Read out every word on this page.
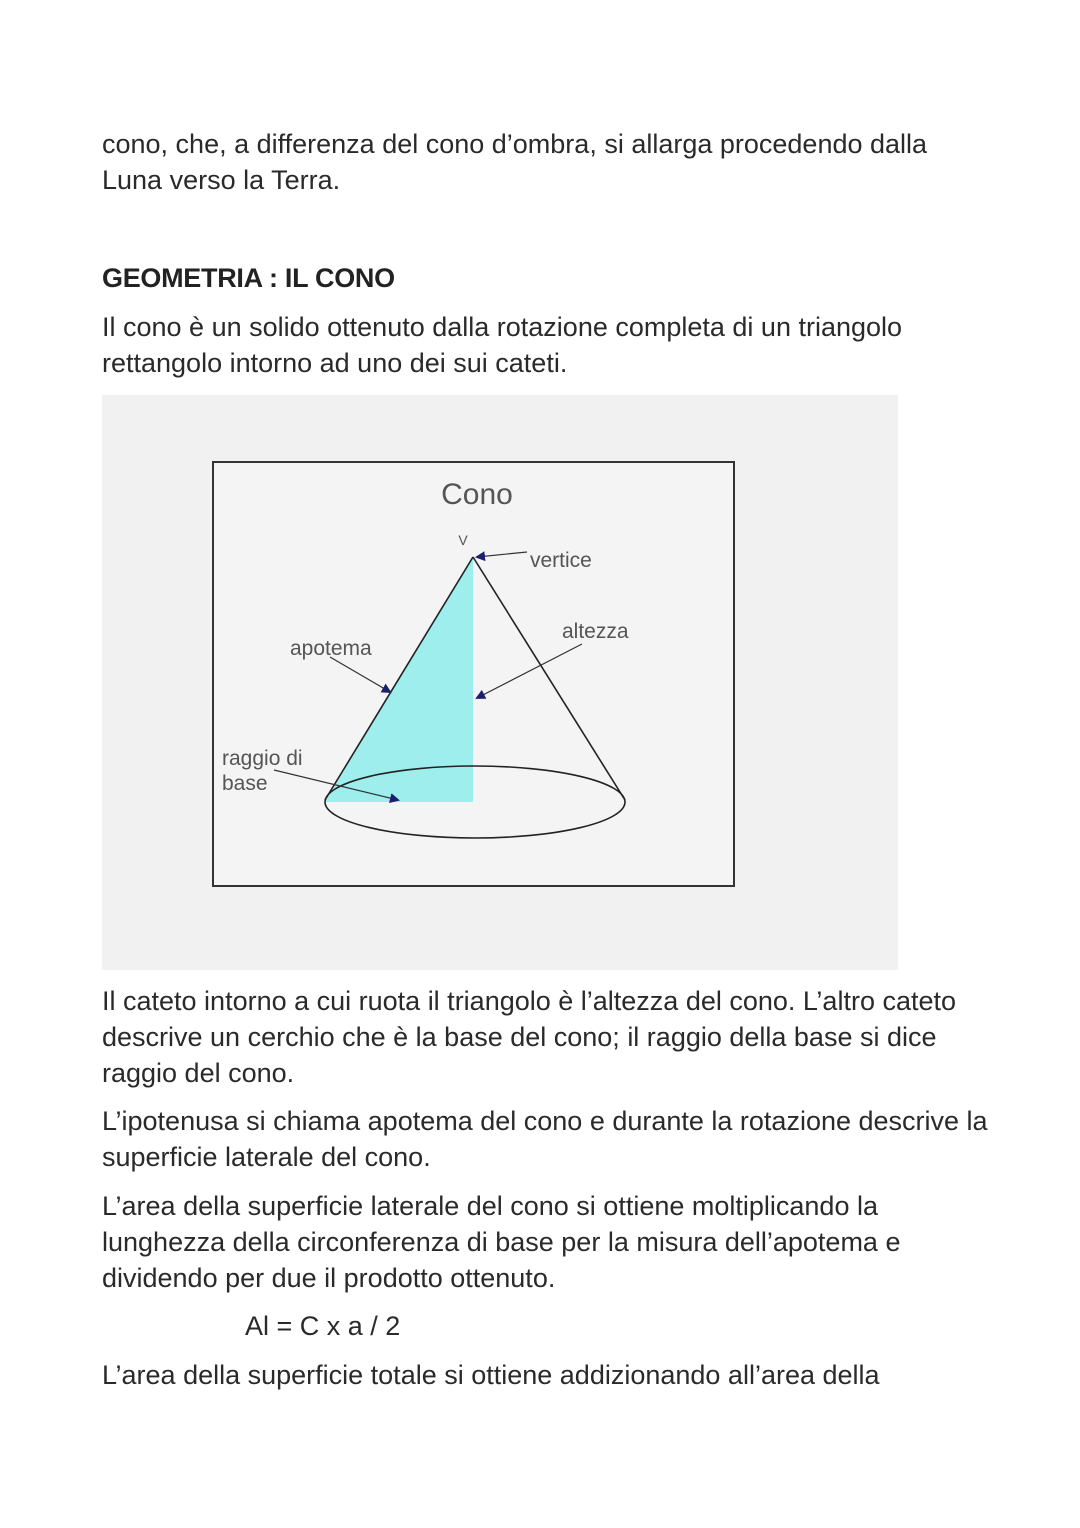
cono, che, a differenza del cono d’ombra, si allarga procedendo dalla Luna verso la Terra.

GEOMETRIA : IL CONO

Il cono è un solido ottenuto dalla rotazione completa di un triangolo rettangolo intorno ad uno dei sui cateti.

Cono
V
vertice
altezza
apotema
raggio di
base

Il cateto intorno a cui ruota il triangolo è l’altezza del cono. L’altro cateto descrive un cerchio che è la base del cono; il raggio della base si dice raggio del cono.

L’ipotenusa si chiama apotema del cono e durante la rotazione descrive la superficie laterale del cono.

L’area della superficie laterale del cono si ottiene moltiplicando la lunghezza della circonferenza di base per la misura dell’apotema e dividendo per due il prodotto ottenuto.

Al = C x a / 2

L’area della superficie totale si ottiene addizionando all’area della
